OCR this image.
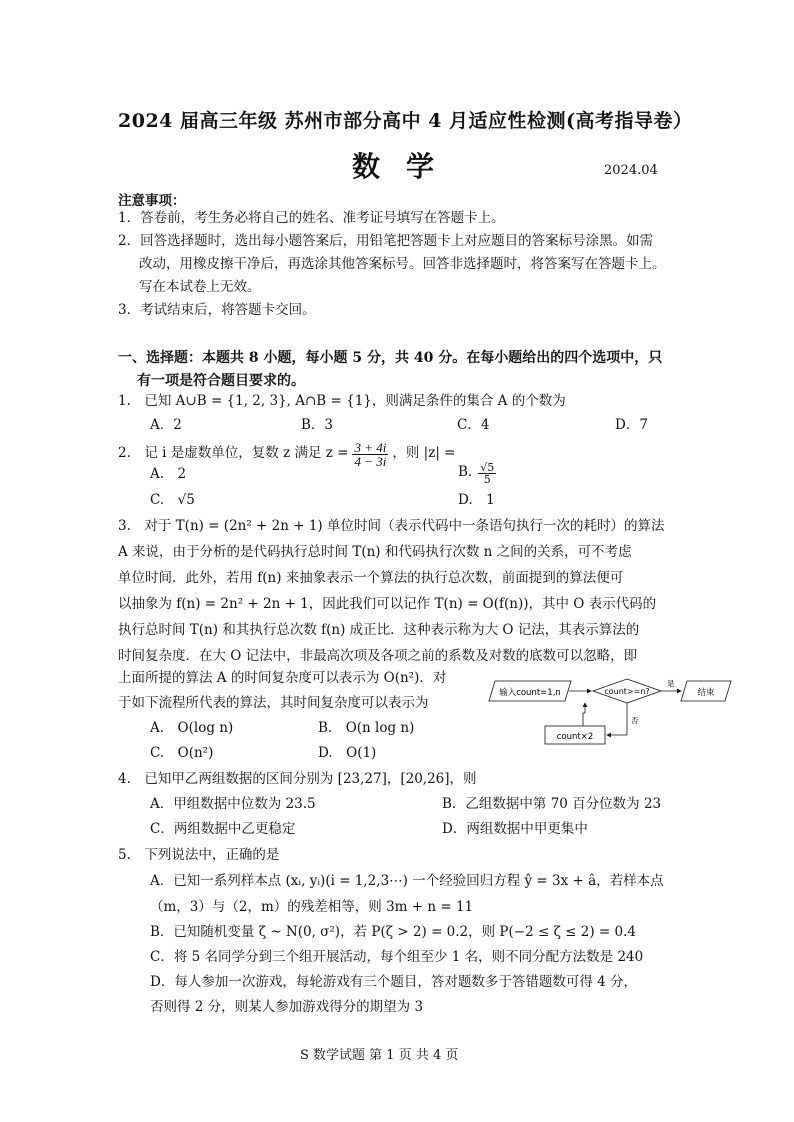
2024 届高三年级 苏州市部分高中 4 月适应性检测(高考指导卷）
数学	2024.04
注意事项：
1．答卷前，考生务必将自己的姓名、准考证号填写在答题卡上。
2．回答选择题时，选出每小题答案后，用铅笔把答题卡上对应题目的答案标号涂黑。如需
改动，用橡皮擦干净后，再选涂其他答案标号。回答非选择题时，将答案写在答题卡上。
写在本试卷上无效。
3．考试结束后，将答题卡交回。
一、选择题：本题共 8 小题，每小题 5 分，共 40 分。在每小题给出的四个选项中，只
有一项是符合题目要求的。
1.　已知 A∪B = {1, 2, 3}, A∩B = {1}，则满足条件的集合 A 的个数为
A．2	B．3	C．4	D．7
2.　记 i 是虚数单位，复数 z 满足 $z = \frac{3 + 4i}{4 - 3i}$ ，则 |z| =
A.　2	B. $\frac{√5}{5}$
C.　√5	D.　1
3.　对于 T(n) = (2n² + 2n + 1) 单位时间（表示代码中一条语句执行一次的耗时）的算法
A 来说，由于分析的是代码执行总时间 T(n) 和代码执行次数 n 之间的关系，可不考虑
单位时间．此外，若用 f(n) 来抽象表示一个算法的执行总次数，前面提到的算法便可
以抽象为 f(n) = 2n² + 2n + 1，因此我们可以记作 T(n) = O(f(n))，其中 O 表示代码的
执行总时间 T(n) 和其执行总次数 f(n) 成正比．这种表示称为大 O 记法，其表示算法的
时间复杂度．在大 O 记法中，非最高次项及各项之前的系数及对数的底数可以忽略，即
上面所提的算法 A 的时间复杂度可以表示为 O(n²)．对
于如下流程所代表的算法，其时间复杂度可以表示为
A.　O(log n)	B.　O(n log n)
C.　O(n²)	D.　O(1)
输入count=1,n	count>=n?
是
结束
否
count×2
4.　已知甲乙两组数据的区间分别为 [23,27]，[20,26]，则
A．甲组数据中位数为 23.5	B．乙组数据中第 70 百分位数为 23
C．两组数据中乙更稳定	D．两组数据中甲更集中
5.　下列说法中，正确的是
A．已知一系列样本点 (xᵢ, yᵢ)(i = 1,2,3⋯) 一个经验回归方程 ŷ = 3x + â，若样本点
（m，3）与（2，m）的残差相等，则 3m + n = 11
B．已知随机变量 ζ ~ N(0, σ²)，若 P(ζ > 2) = 0.2，则 P(−2 ≤ ζ ≤ 2) = 0.4
C．将 5 名同学分到三个组开展活动，每个组至少 1 名，则不同分配方法数是 240
D．每人参加一次游戏，每轮游戏有三个题目，答对题数多于答错题数可得 4 分，
否则得 2 分，则某人参加游戏得分的期望为 3
S 数学试题 第 1 页 共 4 页
